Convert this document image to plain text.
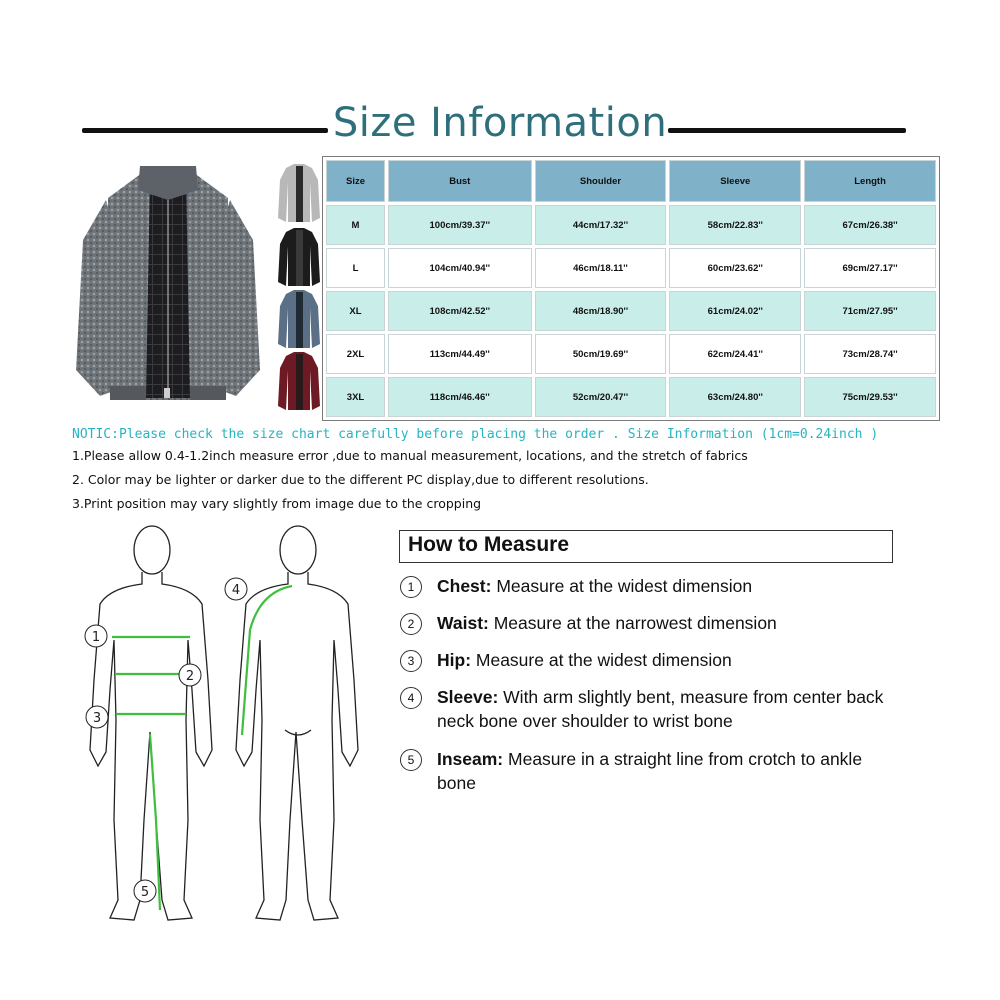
Size Information
Size	Bust	Shoulder	Sleeve	Length
M	100cm/39.37''	44cm/17.32''	58cm/22.83''	67cm/26.38''
L	104cm/40.94''	46cm/18.11''	60cm/23.62''	69cm/27.17''
XL	108cm/42.52''	48cm/18.90''	61cm/24.02''	71cm/27.95''
2XL	113cm/44.49''	50cm/19.69''	62cm/24.41''	73cm/28.74''
3XL	118cm/46.46''	52cm/20.47''	63cm/24.80''	75cm/29.53''
NOTIC:Please check the size chart carefully before placing the order . Size Information (1cm=0.24inch )
1.Please allow 0.4-1.2inch measure error ,due to manual measurement, locations, and the stretch of fabrics
2. Color may be lighter or darker due to the different PC display,due to different resolutions.
3.Print position may vary slightly from image due to the cropping
1
2
3
4
5
How to Measure
1	Chest: Measure at the widest dimension
2	Waist: Measure at the narrowest dimension
3	Hip: Measure at the widest dimension
4	Sleeve: With arm slightly bent, measure from center back neck bone over shoulder to wrist bone
5	Inseam: Measure in a straight line from crotch to ankle bone
